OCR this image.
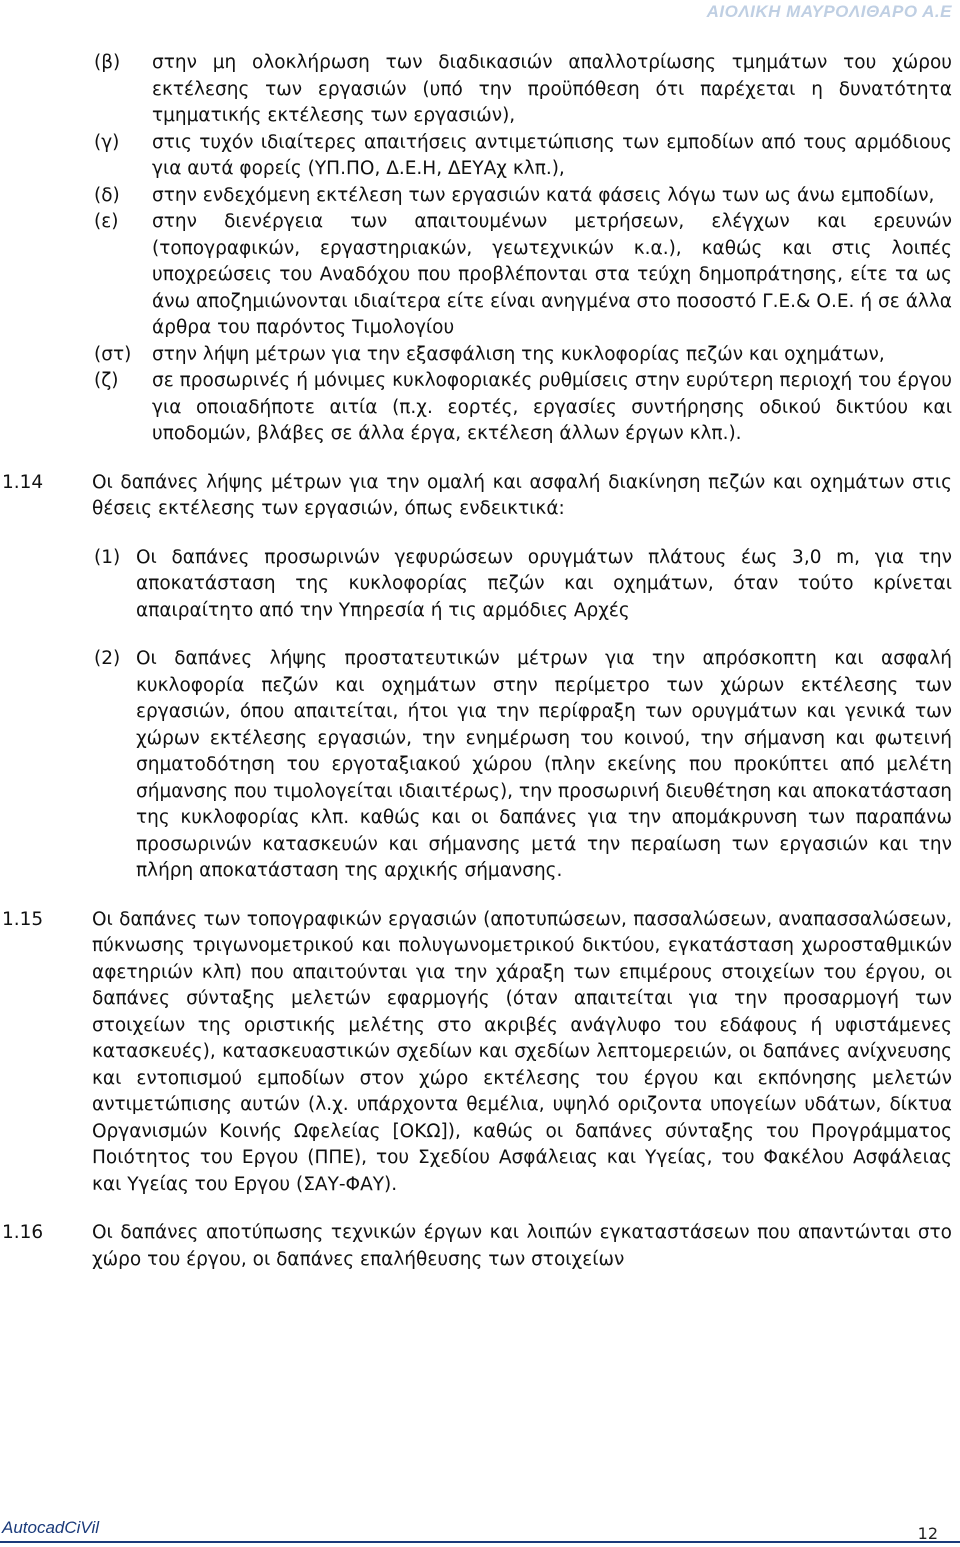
ΑΙΟΛΙΚΗ ΜΑΥΡΟΛΙΘΑΡΟ Α.Ε
(β) στην μη ολοκλήρωση των διαδικασιών απαλλοτρίωσης τμημάτων του χώρου εκτέλεσης των εργασιών (υπό την προϋπόθεση ότι παρέχεται η δυνατότητα τμηματικής εκτέλεσης των εργασιών),
(γ) στις τυχόν ιδιαίτερες απαιτήσεις αντιμετώπισης των εμποδίων από τους αρμόδιους για αυτά φορείς (ΥΠ.ΠΟ, Δ.Ε.Η, ΔΕΥΑχ κλπ.),
(δ) στην ενδεχόμενη εκτέλεση των εργασιών κατά φάσεις λόγω των ως άνω εμποδίων,
(ε) στην διενέργεια των απαιτουμένων μετρήσεων, ελέγχων και ερευνών (τοπογραφικών, εργαστηριακών, γεωτεχνικών κ.α.), καθώς και στις λοιπές υποχρεώσεις του Αναδόχου που προβλέπονται στα τεύχη δημοπράτησης, είτε τα ως άνω αποζημιώνονται ιδιαίτερα είτε είναι ανηγμένα στο ποσοστό Γ.Ε.& Ο.Ε. ή σε άλλα άρθρα του παρόντος Τιμολογίου
(στ) στην λήψη μέτρων για την εξασφάλιση της κυκλοφορίας πεζών και οχημάτων,
(ζ) σε προσωρινές ή μόνιμες κυκλοφοριακές ρυθμίσεις στην ευρύτερη περιοχή του έργου για οποιαδήποτε αιτία (π.χ. εορτές, εργασίες συντήρησης οδικού δικτύου και υποδομών, βλάβες σε άλλα έργα, εκτέλεση άλλων έργων κλπ.).
1.14	Οι δαπάνες λήψης μέτρων για την ομαλή και ασφαλή διακίνηση πεζών και οχημάτων στις θέσεις εκτέλεσης των εργασιών, όπως ενδεικτικά:
(1) Οι δαπάνες προσωρινών γεφυρώσεων ορυγμάτων πλάτους έως 3,0 m, για την αποκατάσταση της κυκλοφορίας πεζών και οχημάτων, όταν τούτο κρίνεται απαιραίτητο από την Υπηρεσία ή τις αρμόδιες Αρχές
(2) Οι δαπάνες λήψης προστατευτικών μέτρων για την απρόσκοπτη και ασφαλή κυκλοφορία πεζών και οχημάτων στην περίμετρο των χώρων εκτέλεσης των εργασιών, όπου απαιτείται, ήτοι για την περίφραξη των ορυγμάτων και γενικά των χώρων εκτέλεσης εργασιών, την ενημέρωση του κοινού, την σήμανση και φωτεινή σηματοδότηση του εργοταξιακού χώρου (πλην εκείνης που προκύπτει από μελέτη σήμανσης που τιμολογείται ιδιαιτέρως), την προσωρινή διευθέτηση και αποκατάσταση της κυκλοφορίας κλπ. καθώς και οι δαπάνες για την απομάκρυνση των παραπάνω προσωρινών κατασκευών και σήμανσης μετά την περαίωση των εργασιών και την πλήρη αποκατάσταση της αρχικής σήμανσης.
1.15	Οι δαπάνες των τοπογραφικών εργασιών (αποτυπώσεων, πασσαλώσεων, αναπασσαλώσεων, πύκνωσης τριγωνομετρικού και πολυγωνομετρικού δικτύου, εγκατάσταση χωροσταθμικών αφετηριών κλπ) που απαιτούνται για την χάραξη των επιμέρους στοιχείων του έργου, οι δαπάνες σύνταξης μελετών εφαρμογής (όταν απαιτείται για την προσαρμογή των στοιχείων της οριστικής μελέτης στο ακριβές ανάγλυφο του εδάφους ή υφιστάμενες κατασκευές), κατασκευαστικών σχεδίων και σχεδίων λεπτομερειών, οι δαπάνες ανίχνευσης και εντοπισμού εμποδίων στον χώρο εκτέλεσης του έργου και εκπόνησης μελετών αντιμετώπισης αυτών (λ.χ. υπάρχοντα θεμέλια, υψηλό οριζοντα υπογείων υδάτων, δίκτυα Οργανισμών Κοινής Ωφελείας [ΟΚΩ]), καθώς οι δαπάνες σύνταξης του Προγράμματος Ποιότητος του Εργου (ΠΠΕ), του Σχεδίου Ασφάλειας και Υγείας, του Φακέλου Ασφάλειας και Υγείας του Εργου (ΣΑΥ-ΦΑΥ).
1.16	Οι δαπάνες αποτύπωσης τεχνικών έργων και λοιπών εγκαταστάσεων που απαντώνται στο χώρο του έργου, οι δαπάνες επαλήθευσης των στοιχείων
AutocadCiVil	12
